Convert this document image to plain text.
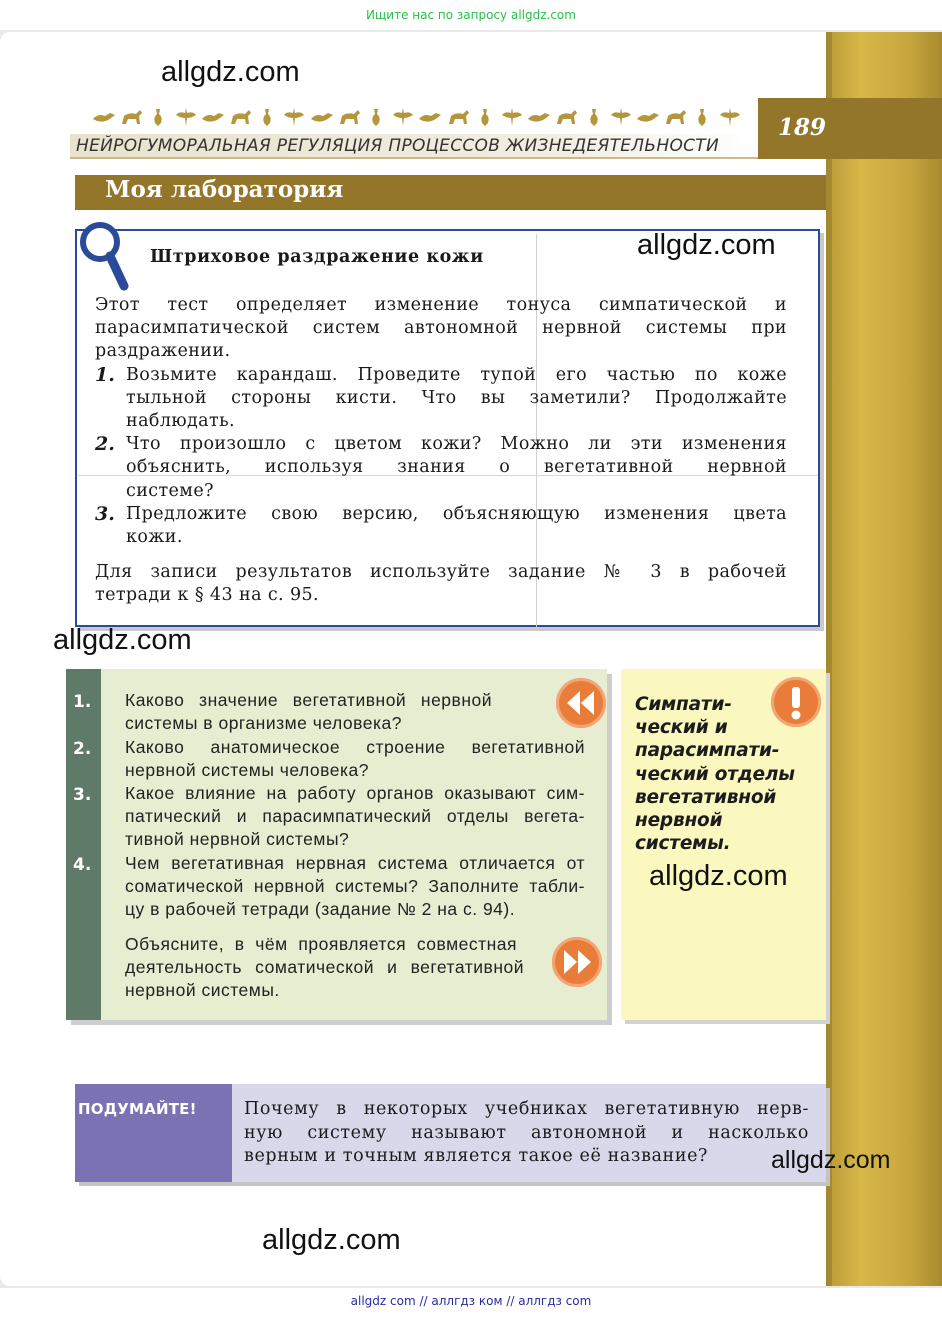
Ищите нас по запросу allgdz.com
allgdz.com
НЕЙРОГУМОРАЛЬНАЯ РЕГУЛЯЦИЯ ПРОЦЕССОВ ЖИЗНЕДЕЯТЕЛЬНОСТИ
189
Моя лаборатория
Штриховое раздражение кожи	allgdz.com
Этот тест определяет изменение тонуса симпатической и
парасимпатической систем автономной нервной системы при
раздражении.
1. Возьмите карандаш. Проведите тупой его частью по коже
тыльной стороны кисти. Что вы заметили? Продолжайте
наблюдать.
2. Что произошло с цветом кожи? Можно ли эти изменения
объяснить, используя знания о вегетативной нервной
системе?
3. Предложите свою версию, объясняющую изменения цвета
кожи.
Для записи результатов используйте задание № 3 в рабочей
тетради к § 43 на с. 95.
allgdz.com
1. Каково значение вегетативной нервной
системы в организме человека?
2. Каково анатомическое строение вегетативной
нервной системы человека?
3. Какое влияние на работу органов оказывают сим-
патический и парасимпатический отделы вегета-
тивной нервной системы?
4. Чем вегетативная нервная система отличается от
соматической нервной системы? Заполните табли-
цу в рабочей тетради (задание № 2 на с. 94).
Объясните, в чём проявляется совместная
деятельность соматической и вегетативной
нервной системы.
Симпати-
ческий и
парасимпати-
ческий отделы
вегетативной
нервной
системы.
allgdz.com
ПОДУМАЙТЕ!	Почему в некоторых учебниках вегетативную нерв-
ную систему называют автономной и насколько
верным и точным является такое её название?	allgdz.com
allgdz.com
allgdz com // аллгдз ком // аллгдз com
